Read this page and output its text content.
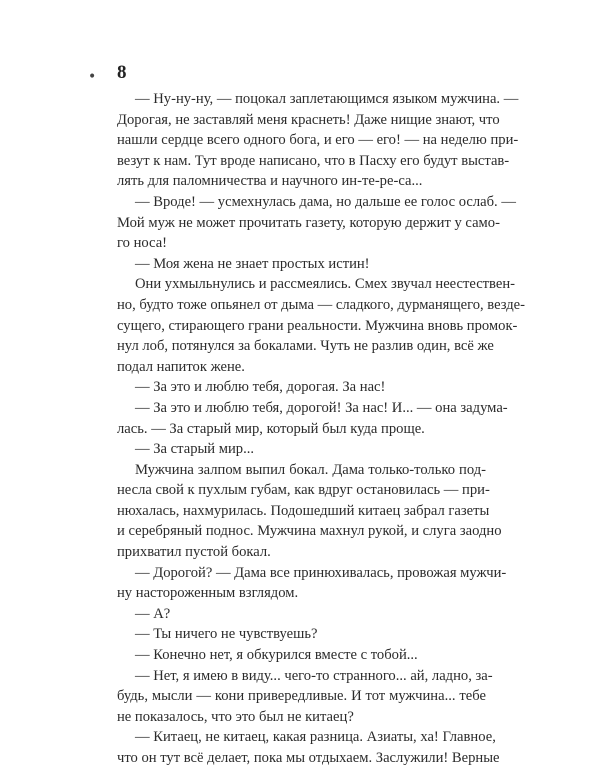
•	8
— Ну-ну-ну, — поцокал заплетающимся языком мужчина. —
Дорогая, не заставляй меня краснеть! Даже нищие знают, что
нашли сердце всего одного бога, и его — его! — на неделю при-
везут к нам. Тут вроде написано, что в Пасху его будут выстав-
лять для паломничества и научного ин-те-ре-са...
— Вроде! — усмехнулась дама, но дальше ее голос ослаб. —
Мой муж не может прочитать газету, которую держит у само-
го носа!
— Моя жена не знает простых истин!
Они ухмыльнулись и рассмеялись. Смех звучал неестествен-
но, будто тоже опьянел от дыма — сладкого, дурманящего, везде-
сущего, стирающего грани реальности. Мужчина вновь промок-
нул лоб, потянулся за бокалами. Чуть не разлив один, всё же
подал напиток жене.
— За это и люблю тебя, дорогая. За нас!
— За это и люблю тебя, дорогой! За нас! И... — она задума-
лась. — За старый мир, который был куда проще.
— За старый мир...
Мужчина залпом выпил бокал. Дама только-только под-
несла свой к пухлым губам, как вдруг остановилась — при-
нюхалась, нахмурилась. Подошедший китаец забрал газеты
и серебряный поднос. Мужчина махнул рукой, и слуга заодно
прихватил пустой бокал.
— Дорогой? — Дама все принюхивалась, провожая мужчи-
ну настороженным взглядом.
— А?
— Ты ничего не чувствуешь?
— Конечно нет, я обкурился вместе с тобой...
— Нет, я имею в виду... чего-то странного... ай, ладно, за-
будь, мысли — кони привередливые. И тот мужчина... тебе
не показалось, что это был не китаец?
— Китаец, не китаец, какая разница. Азиаты, ха! Главное,
что он тут всё делает, пока мы отдыхаем. Заслужили! Верные
